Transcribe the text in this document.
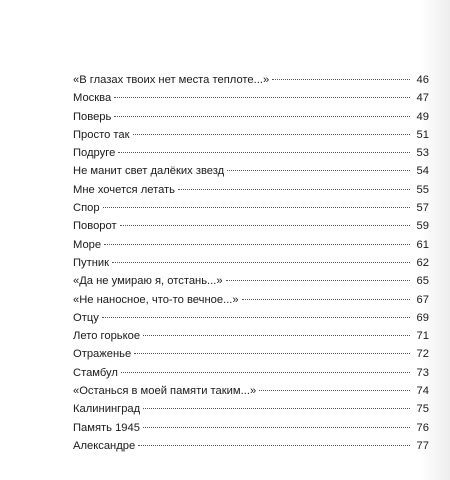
«В глазах твоих нет места теплоте...»	46
Москва	47
Поверь	49
Просто так	51
Подруге	53
Не манит свет далёких звезд	54
Мне хочется летать	55
Спор	57
Поворот	59
Море	61
Путник	62
«Да не умираю я, отстань...»	65
«Не наносное, что-то вечное...»	67
Отцу	69
Лето горькое	71
Отраженье	72
Стамбул	73
«Останься в моей памяти таким...»	74
Калининград	75
Память 1945	76
Александре	77
